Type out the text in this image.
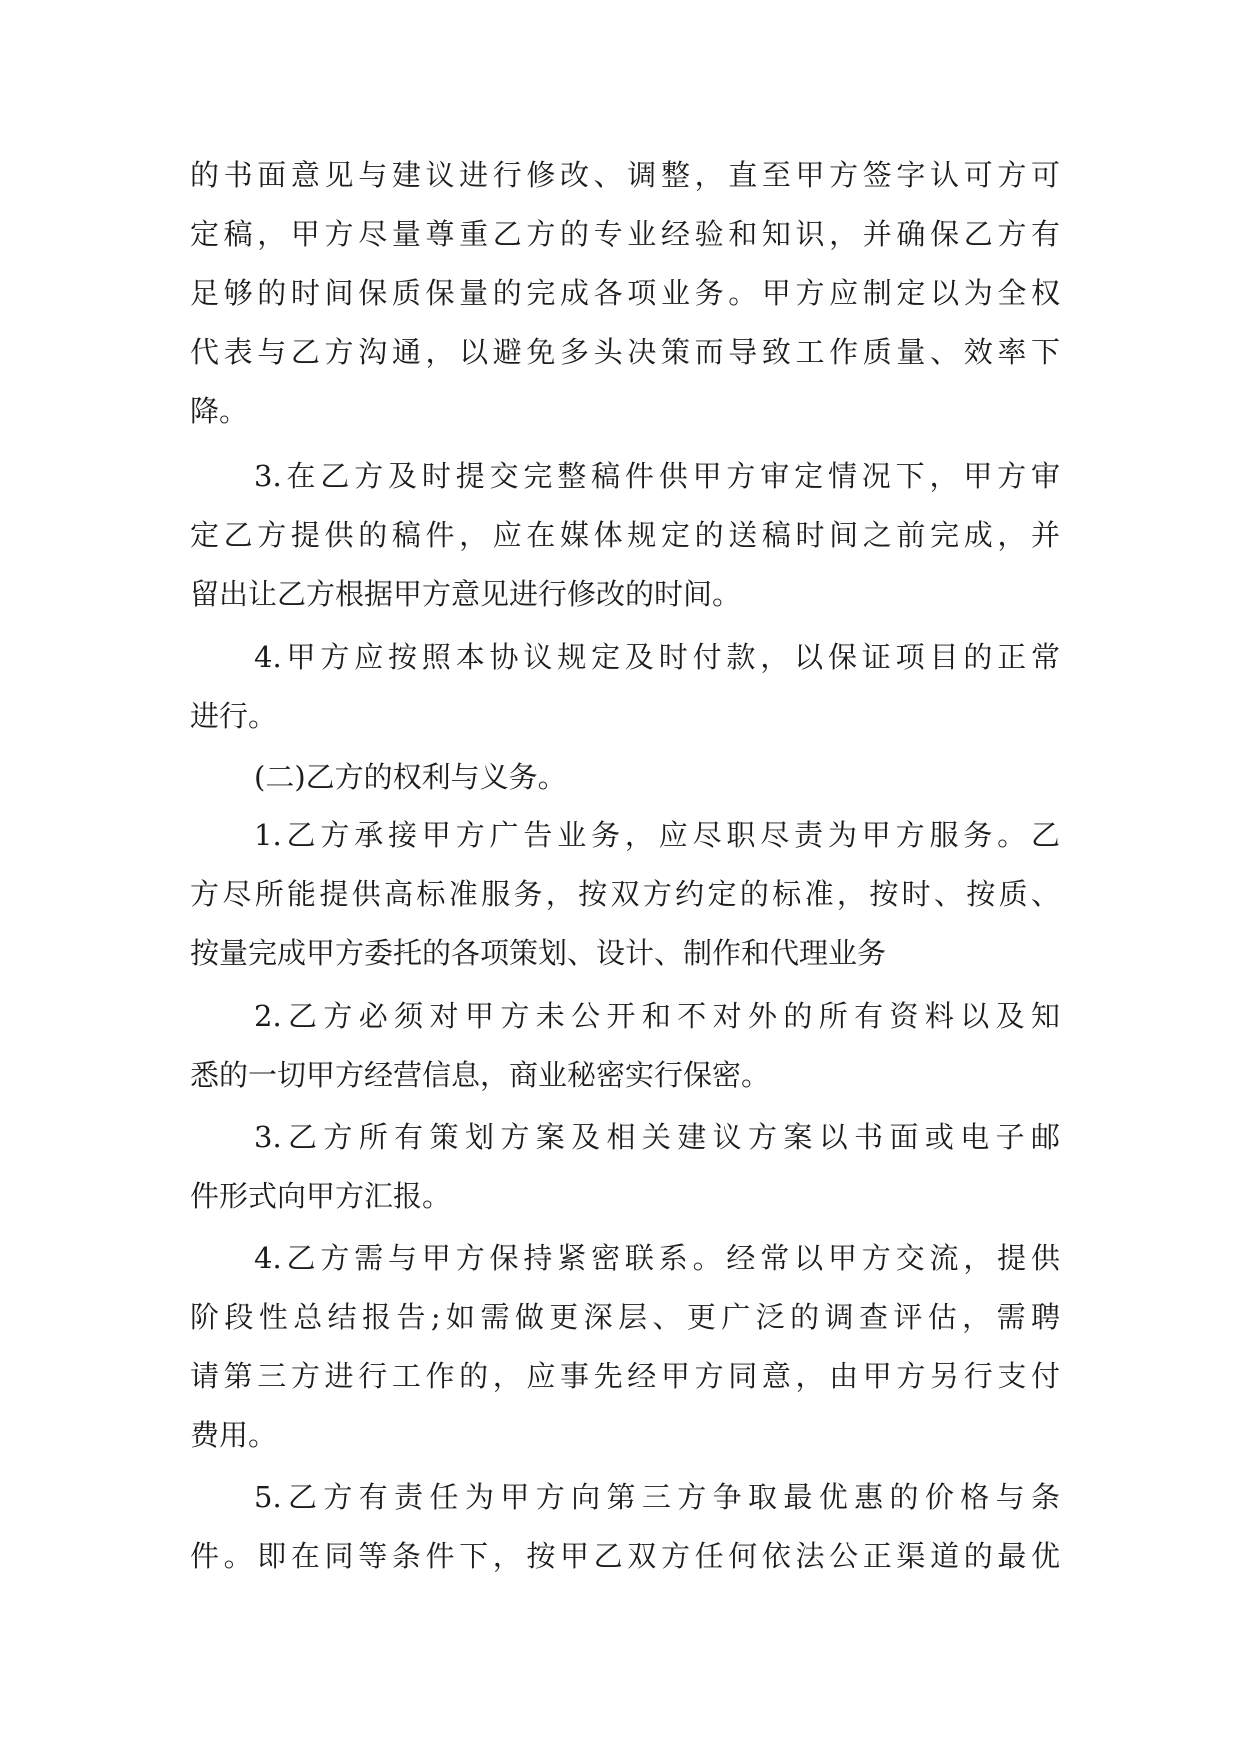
的书面意见与建议进行修改、调整，直至甲方签字认可方可
定稿，甲方尽量尊重乙方的专业经验和知识，并确保乙方有
足够的时间保质保量的完成各项业务。甲方应制定以为全权
代表与乙方沟通，以避免多头决策而导致工作质量、效率下
降。
3.在乙方及时提交完整稿件供甲方审定情况下，甲方审
定乙方提供的稿件，应在媒体规定的送稿时间之前完成，并
留出让乙方根据甲方意见进行修改的时间。
4.甲方应按照本协议规定及时付款，以保证项目的正常
进行。
(二)乙方的权利与义务。
1.乙方承接甲方广告业务，应尽职尽责为甲方服务。乙
方尽所能提供高标准服务，按双方约定的标准，按时、按质、
按量完成甲方委托的各项策划、设计、制作和代理业务
2.乙方必须对甲方未公开和不对外的所有资料以及知
悉的一切甲方经营信息，商业秘密实行保密。
3.乙方所有策划方案及相关建议方案以书面或电子邮
件形式向甲方汇报。
4.乙方需与甲方保持紧密联系。经常以甲方交流，提供
阶段性总结报告;如需做更深层、更广泛的调查评估，需聘
请第三方进行工作的，应事先经甲方同意，由甲方另行支付
费用。
5.乙方有责任为甲方向第三方争取最优惠的价格与条
件。即在同等条件下，按甲乙双方任何依法公正渠道的最优
